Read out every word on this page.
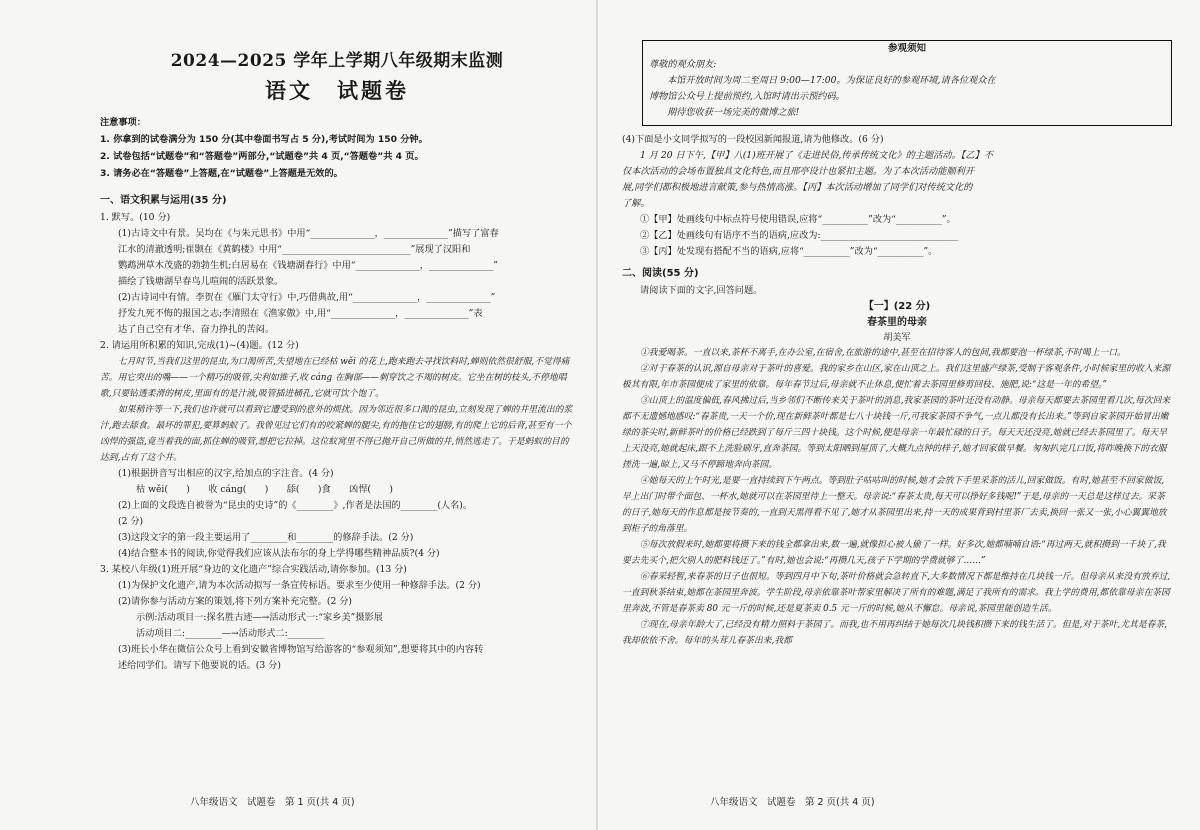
2024—2025 学年上学期八年级期末监测
语文　试题卷
注意事项：
1. 你拿到的试卷满分为 150 分(其中卷面书写占 5 分),考试时间为 150 分钟。
2. 试卷包括“试题卷”和“答题卷”两部分,“试题卷”共 4 页,“答题卷”共 4 页。
3. 请务必在“答题卷”上答题,在“试题卷”上答题是无效的。
一、语文积累与运用(35 分)

1. 默写。(10 分)

(1)古诗文中有景。吴均在《与朱元思书》中用“______________，______________”描写了富春

江水的清澈透明;崔颢在《黄鹤楼》中用“____________________________”展现了汉阳和

鹦鹉洲草木茂盛的勃勃生机;白居易在《钱塘湖春行》中用“______________，______________”

描绘了钱塘湖早春鸟儿喧闹的活跃景象。

(2)古诗词中有情。李贺在《雁门太守行》中,巧借典故,用“______________，______________”

抒发九死不悔的报国之志;李清照在《渔家傲》中,用“______________，______________”表

达了自己空有才华、奋力挣扎的苦闷。

2. 请运用所积累的知识,完成(1)~(4)题。(12 分)

七月时节,当我们这里的昆虫,为口渴所苦,失望地在已经枯 wěi 的花上,跑来跑去寻找饮料时,蝉则依然很舒服,不觉得痛苦。用它突出的嘴——一个精巧的吸管,尖利如锥子,收 cáng 在胸部——刺穿饮之不竭的树皮。它坐在树的枝头,不停地唱歌,只要钻透柔滑的树皮,里面有的是汁液,吸管插进桶孔,它就可饮个饱了。

如果稍许等一下,我们也许就可以看到它遭受到的意外的烦扰。因为邻近很多口渴的昆虫,立刻发现了蝉的井里流出的浆汁,跑去舔食。最坏的罪犯,要算蚂蚁了。我曾见过它们有的咬紧蝉的腿尖,有的拖住它的翅膀,有的爬上它的后背,甚至有一个凶悍的强盗,竟当着我的面,抓住蝉的吸管,想把它拉掉。这位蚁窝里不得已抛开自己所做的井,悄然逃走了。于是蚂蚁的目的达到,占有了这个井。

(1)根据拼音写出相应的汉字,给加点的字注音。(4 分)

枯 wěi(　　)　　收 cáng(　　)　　舔(　　)食　　凶悍(　　)

(2)上面的文段选自被誉为“昆虫的史诗”的《________》,作者是法国的________(人名)。

(2 分)

(3)这段文字的第一段主要运用了________和________的修辞手法。(2 分)

(4)结合整本书的阅读,你觉得我们应该从法布尔的身上学得哪些精神品质?(4 分)

3. 某校八年级(1)班开展“身边的文化遗产”综合实践活动,请你参加。(13 分)

(1)为保护文化遗产,请为本次活动拟写一条宣传标语。要求至少使用一种修辞手法。(2 分)

(2)请你参与活动方案的策划,将下列方案补充完整。(2 分)

示例:活动项目一:探名胜古迹—→活动形式一:“家乡美”摄影展

活动项目二:________—→活动形式二:________

(3)班长小华在微信公众号上看到安徽省博物馆写给游客的“参观须知”,想要将其中的内容转

述给同学们。请写下他要说的话。(3 分)

八年级语文　试题卷　第 1 页(共 4 页)
参观须知

尊敬的观众朋友:

本馆开放时间为周二至周日 9:00—17:00。为保证良好的参观环境,请各位观众在

博物馆公众号上提前预约,入馆时请出示预约码。

期待您收获一场完美的微博之旅!

(4)下面是小文同学拟写的一段校园新闻报道,请为他修改。(6 分)

1 月 20 日下午,【甲】八(1)班开展了《走进民俗,传承传统文化》的主题活动。【乙】不

仅本次活动的会场布置独具文化特色,而且邢亭设计也紧扣主题。为了本次活动能顺利开

展,同学们都积极地进言献策,参与热情高涨。【丙】本次活动增加了同学们对传统文化的

了解。

①【甲】处画线句中标点符号使用错误,应将“__________”改为“__________”。

②【乙】处画线句有语序不当的语病,应改为:______________________________

③【丙】处发现有搭配不当的语病,应将“__________”改为“__________”。

二、阅读(55 分)

请阅读下面的文字,回答问题。

【一】(22 分)
春茶里的母亲
胡美军

①我爱喝茶。一直以来,茶杯不离手,在办公室,在宿舍,在旅游的途中,甚至在招待客人的包间,我都要泡一杯绿茶,不时喝上一口。

②对于春茶的认识,源自母亲对于茶叶的喜爱。我的家乡在山区,家在山顶之上。我们这里盛产绿茶,受制于客观条件,小时候家里的收入来源极其有限,年市茶园便成了家里的依靠。每年春节过后,母亲就不止休息,便忙着去茶园里修剪回枝、施肥,说:“这是一年的希望。”

③山顶上的温度偏低,春风拂过后,当乡邻们不断传来关于茶叶的消息,我家茶园的茶叶还没有动静。母亲每天都要去茶园里看几次,每次回来都不无遗憾地感叹:“春茶贵,一天一个价,现在新鲜茶叶都是七八十块钱一斤,可我家茶园不争气,一点儿都没有长出来。”等到自家茶园开始冒出嫩绿的茶尖时,新鲜茶叶的价格已经跌到了每斤三四十块钱。这个时候,便是母亲一年最忙碌的日子。每天天还没亮,她就已经去茶园里了。每天早上天没亮,她就起床,跟不上洗脸刷牙,直奔茶园。等到太阳晒到屋顶了,大概九点钟的样子,她才回家做早餐。匆匆扒完几口饭,将昨晚换下的衣服搓洗一遍,晾上,又马不停蹄地奔向茶园。

④她每天的上午时光,是要一直持续到下午两点。等到肚子咕咕叫的时候,她才会放下手里采茶的活儿,回家做饭。有时,她甚至不回家做饭,早上出门时带个面包、一杯水,她就可以在茶园里待上一整天。母亲说:“春茶太贵,每天可以挣好多钱呢!”于是,母亲的一天总是这样过去。采茶的日子,她每天的作息都是按节奏的,一直到天黑得看不见了,她才从茶园里出来,持一天的成果背到村里茶厂去卖,换回一张又一张,小心翼翼地放到柜子的角落里。

⑤每次放假来时,她都要将攒下来的钱全都拿出来,数一遍,就像担心被人偷了一样。好多次,她都喃喃自语:“再过两天,就积攒到一千块了,我要去先买个,把欠别人的肥料钱还了。”有时,她也会说:“再攒几天,孩子下学期的学费就够了……”

⑥春采轻暂,来春茶的日子也很短。等到四月中下旬,茶叶价格就会急转直下,大多数情况下都是维持在几块钱一斤。但母亲从来没有放弃过,一直到秋茶结束,她都在茶园里奔波。学生阶段,母亲依靠茶叶帮家里解决了所有的难题,满足了我所有的需求。我上学的费用,都依靠母亲在茶园里奔波,不管是春茶卖 80 元一斤的时候,还是夏茶卖 0.5 元一斤的时候,她从不懈怠。母亲说,茶园里能创造生活。

⑦现在,母亲年龄大了,已经没有精力照料于茶园了。而我,也不用再纠结于她每次几块钱积攒下来的钱生活了。但是,对于茶叶,尤其是春茶,我却依依不舍。每年的头茸儿春茶出来,我都

八年级语文　试题卷　第 2 页(共 4 页)
